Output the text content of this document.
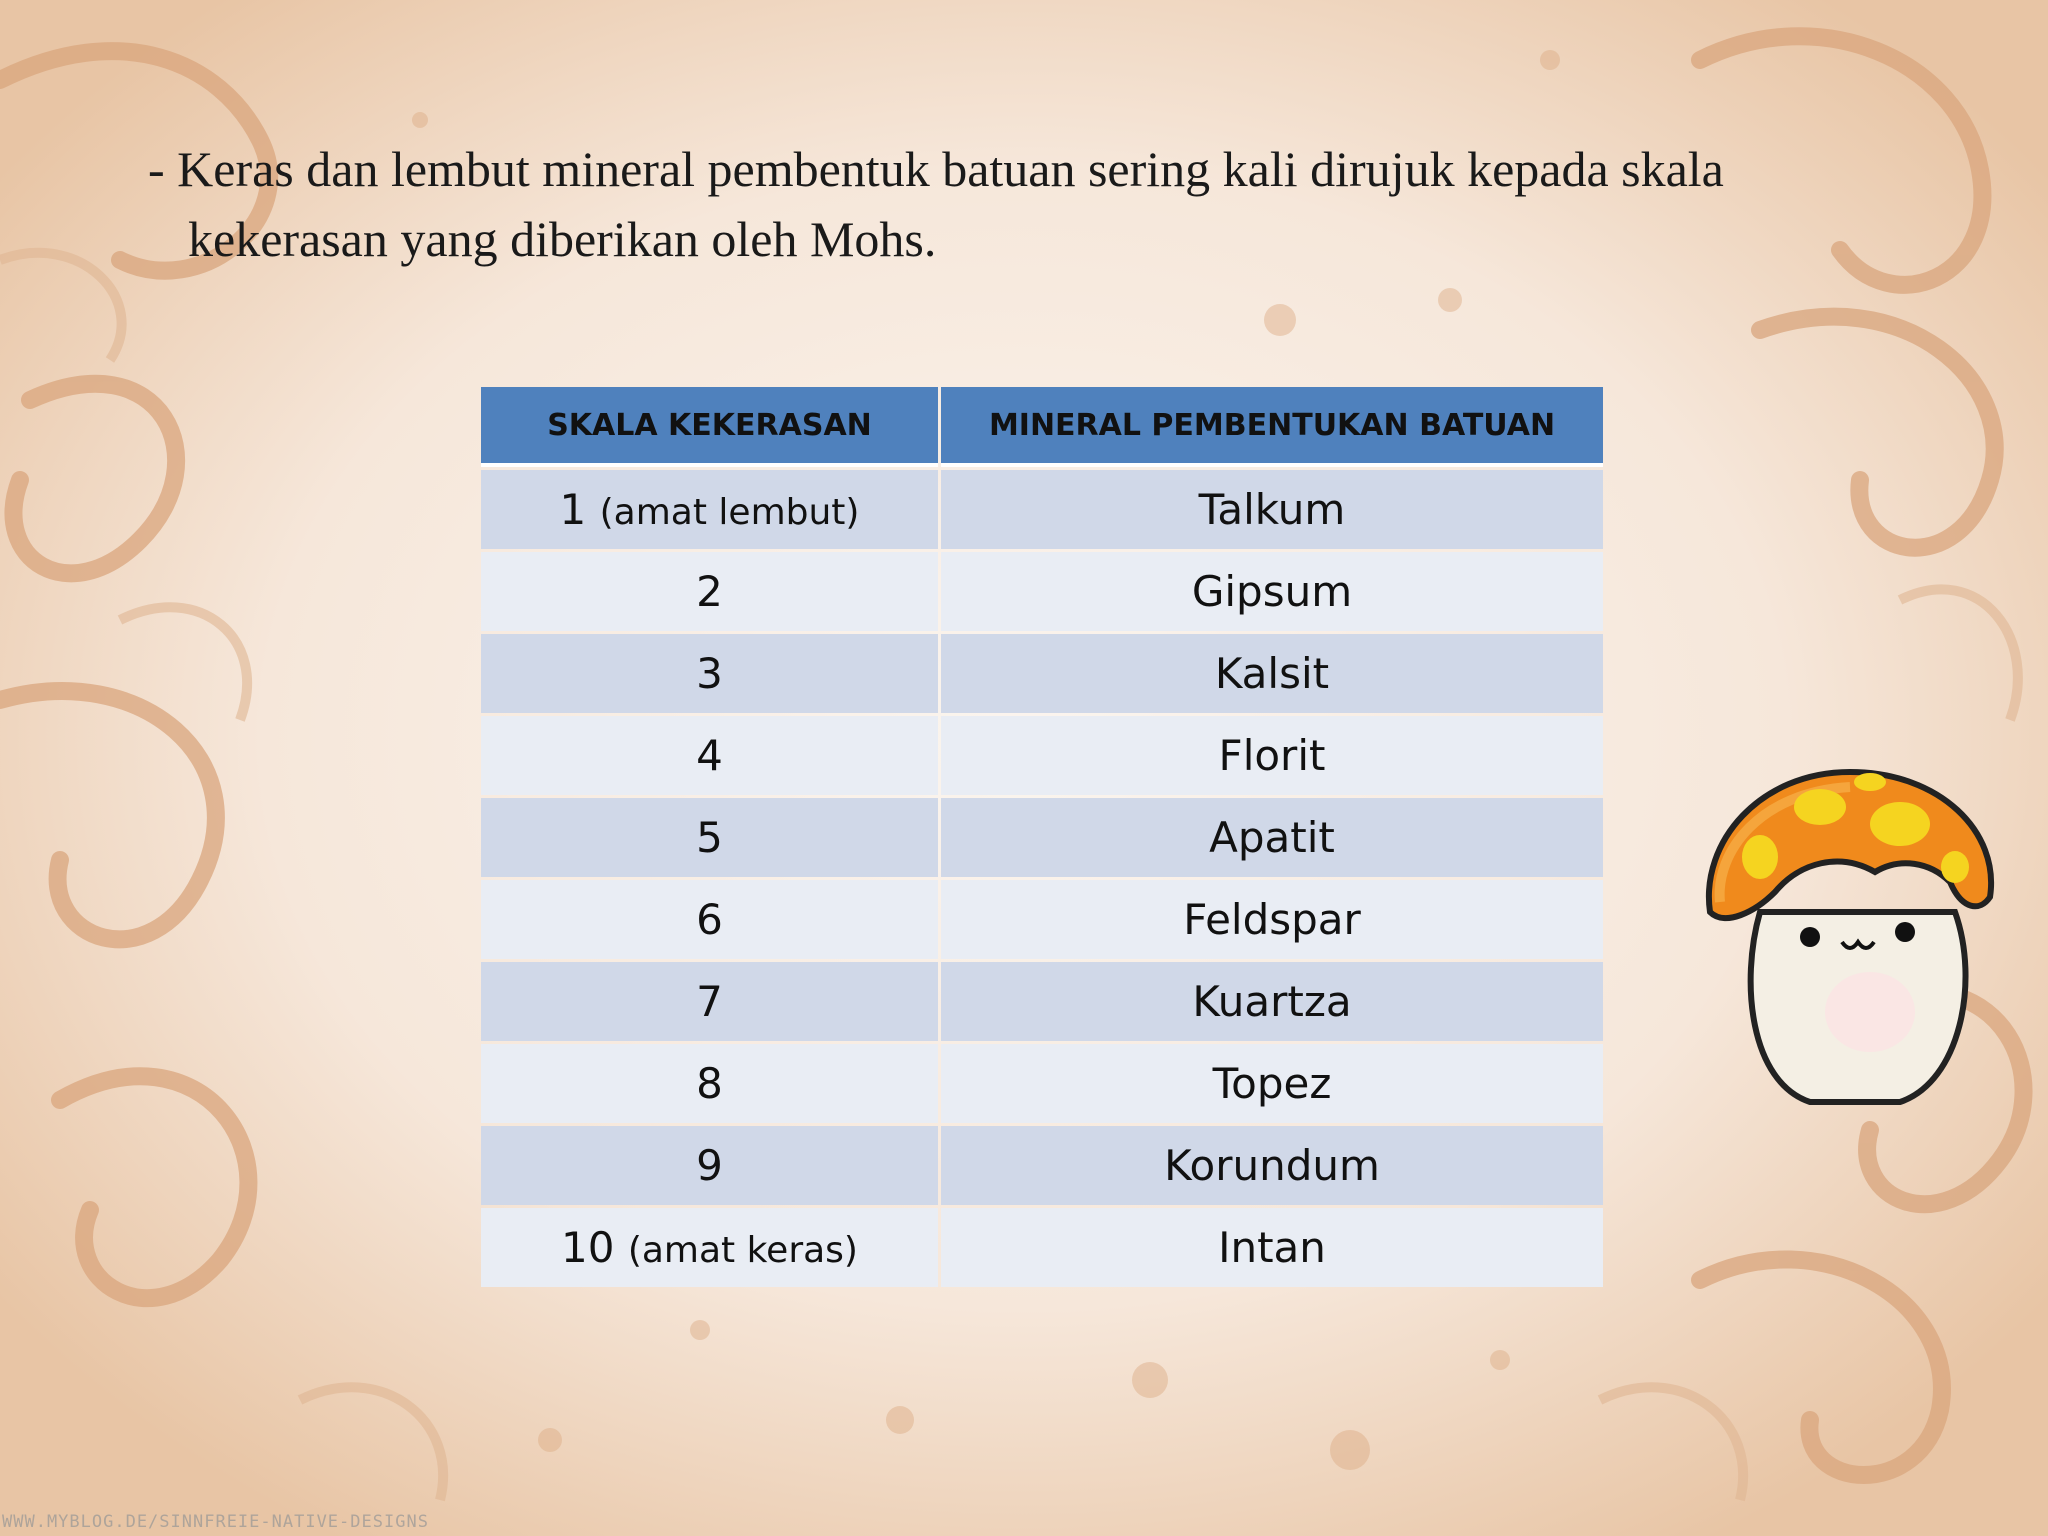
- Keras dan lembut mineral pembentuk batuan sering kali dirujuk kepada skala

kekerasan yang diberikan oleh Mohs.

SKALA KEKERASAN	MINERAL PEMBENTUKAN BATUAN
1 (amat lembut)	Talkum
2	Gipsum
3	Kalsit
4	Florit
5	Apatit
6	Feldspar
7	Kuartza
8	Topez
9	Korundum
10 (amat keras)	Intan
WWW.MYBLOG.DE/SINNFREIE-NATIVE-DESIGNS
